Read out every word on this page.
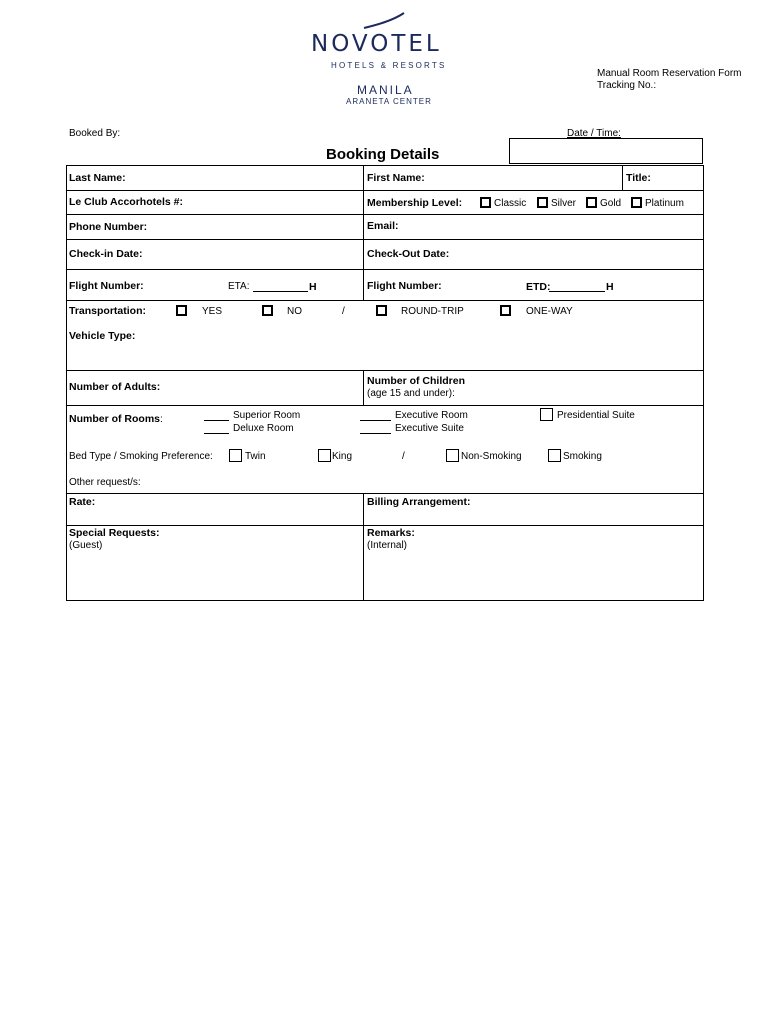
NOVOTEL
HOTELS & RESORTS
MANILA
ARANETA CENTER
Manual Room Reservation Form
Tracking No.:
Booked By:	Date / Time:
Booking Details
Last Name:	First Name:	Title:
Le Club Accorhotels #:	Membership Level:	Classic Silver Gold Platinum
Phone Number:	Email:
Check-in Date:	Check-Out Date:
Flight Number:	ETA:	H	Flight Number:	ETD:	H
Transportation:	YES	NO	/	ROUND-TRIP	ONE-WAY
Vehicle Type:
Number of Adults:	Number of Children
(age 15 and under):
Number of Rooms:	Superior Room
Deluxe Room
Executive Room
Executive Suite
Presidential Suite
Bed Type / Smoking Preference:	Twin	King	/	Non-Smoking	Smoking
Other request/s:
Rate:	Billing Arrangement:
Special Requests:
(Guest)
Remarks:
(Internal)
